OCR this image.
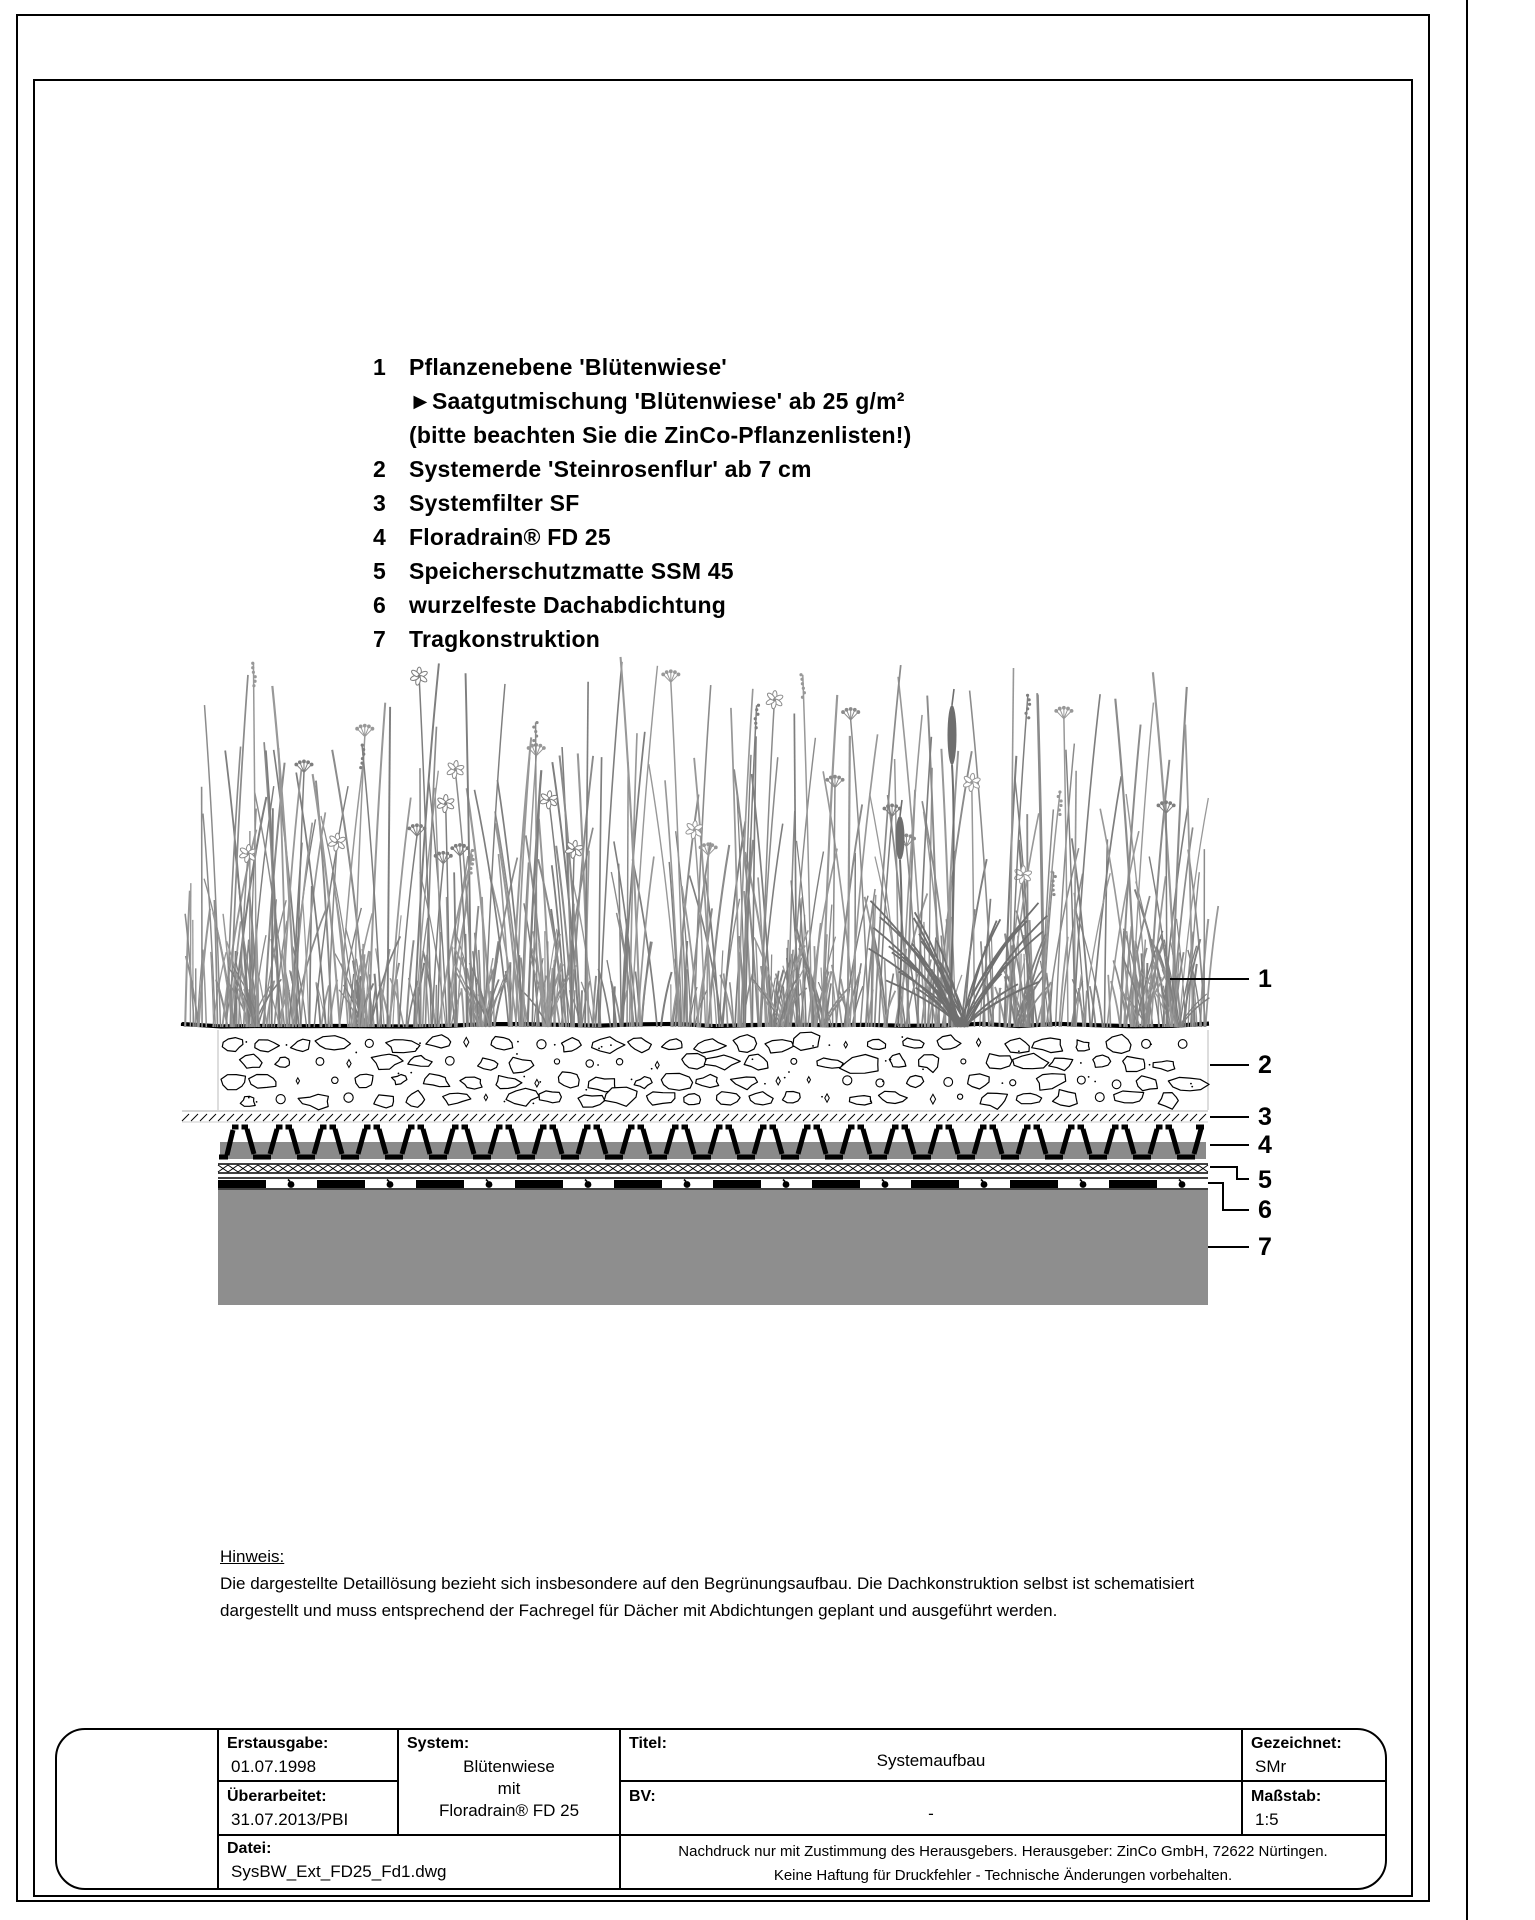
1	Pflanzenebene 'Blütenwiese'
►Saatgutmischung 'Blütenwiese' ab 25 g/m²
(bitte beachten Sie die ZinCo-Pflanzenlisten!)
2	Systemerde 'Steinrosenflur' ab 7 cm
3	Systemfilter SF
4	Floradrain® FD 25
5	Speicherschutzmatte SSM 45
6	wurzelfeste Dachabdichtung
7	Tragkonstruktion
1
2
3
4
5
6
7
Hinweis:
Die dargestellte Detaillösung bezieht sich insbesondere auf den Begrünungsaufbau. Die Dachkonstruktion selbst ist schematisiert
dargestellt und muss entsprechend der Fachregel für Dächer mit Abdichtungen geplant und ausgeführt werden.
Erstausgabe:
01.07.1998
Überarbeitet:
31.07.2013/PBI
System:
Blütenwiese
mit
Floradrain® FD 25
Titel:
Systemaufbau
BV:
-
Gezeichnet:
SMr
Maßstab:
1:5
Datei:
SysBW_Ext_FD25_Fd1.dwg
Nachdruck nur mit Zustimmung des Herausgebers. Herausgeber: ZinCo GmbH, 72622 Nürtingen.
Keine Haftung für Druckfehler - Technische Änderungen vorbehalten.
